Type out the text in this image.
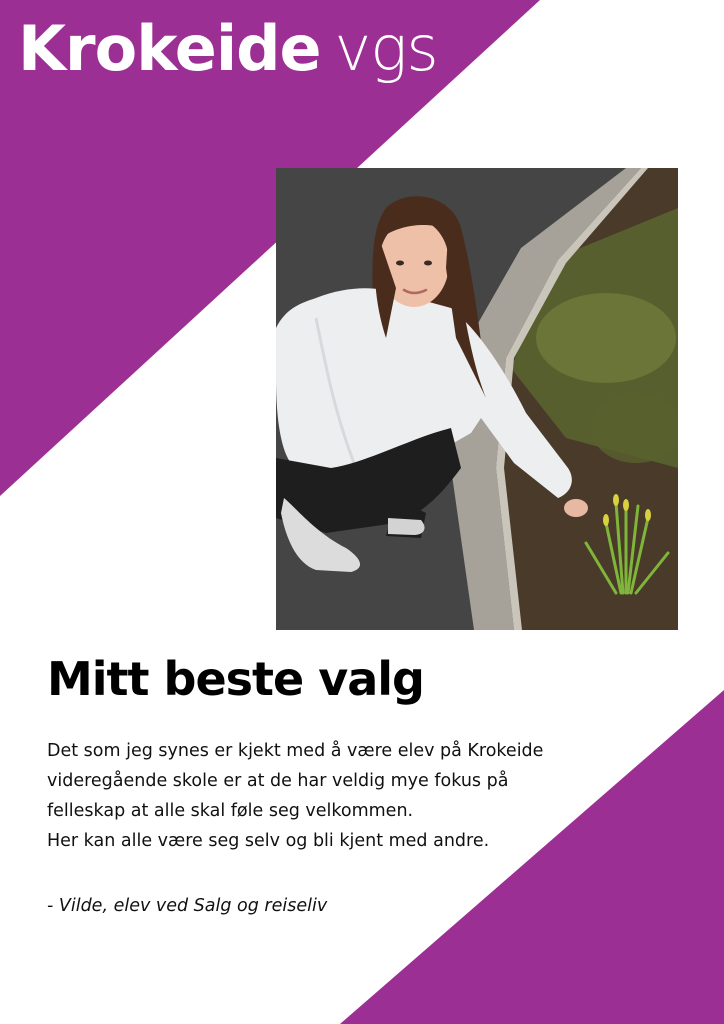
Krokeide vgs
Mitt beste valg

Det som jeg synes er kjekt med å være elev på Krokeide

videregående skole er at de har veldig mye fokus på

felleskap at alle skal føle seg velkommen.

Her kan alle være seg selv og bli kjent med andre.

- Vilde, elev ved Salg og reiseliv
